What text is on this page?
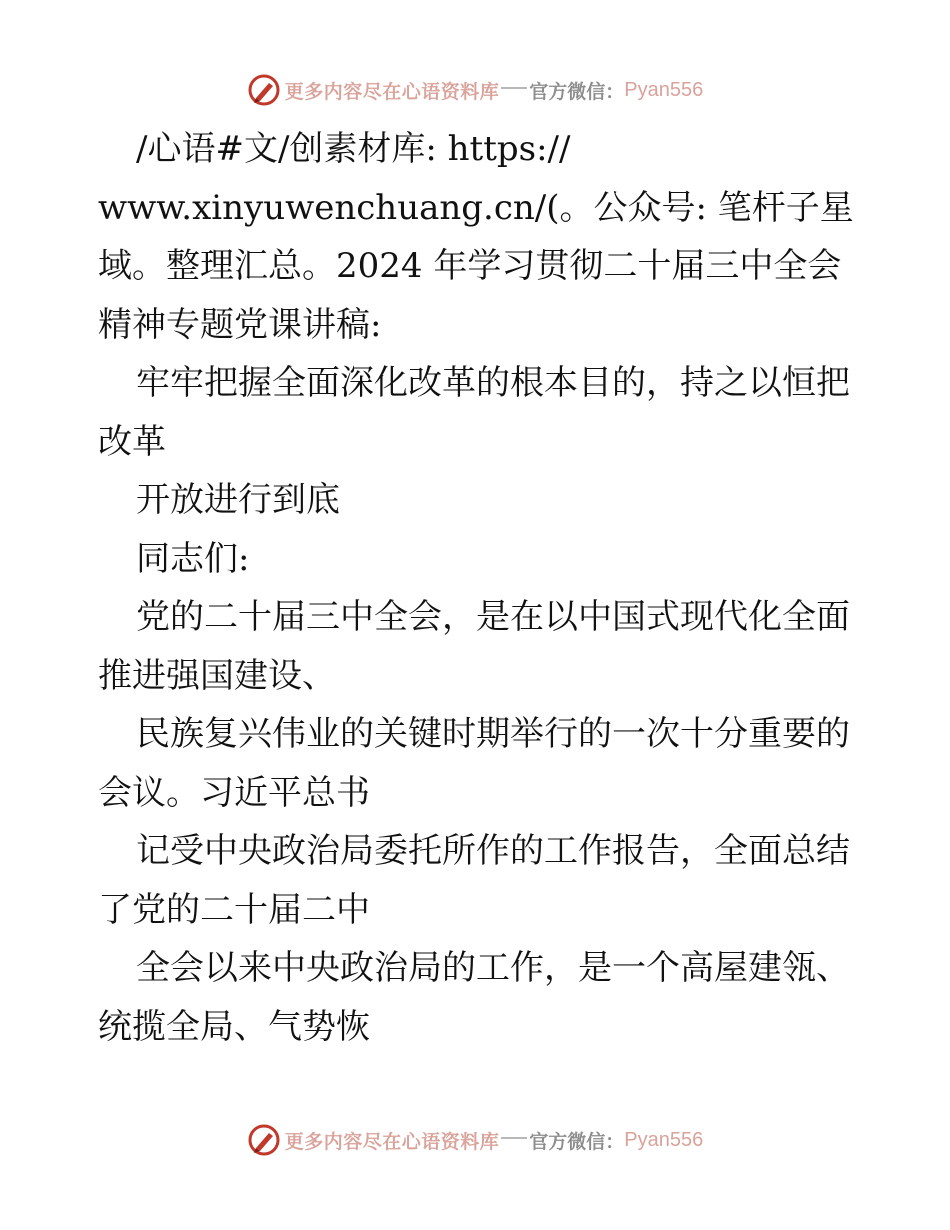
更多内容尽在心语资料库 官方微信： Pyan556
/心语#文/创素材库: https://
www.xinyuwenchuang.cn/(。公众号: 笔杆子星
域。整理汇总。2024 年学习贯彻二十届三中全会
精神专题党课讲稿:
牢牢把握全面深化改革的根本目的，持之以恒把
改革
开放进行到底
同志们:
党的二十届三中全会，是在以中国式现代化全面
推进强国建设、
民族复兴伟业的关键时期举行的一次十分重要的
会议。习近平总书
记受中央政治局委托所作的工作报告，全面总结
了党的二十届二中
全会以来中央政治局的工作，是一个高屋建瓴、
统揽全局、气势恢
更多内容尽在心语资料库 官方微信： Pyan556
